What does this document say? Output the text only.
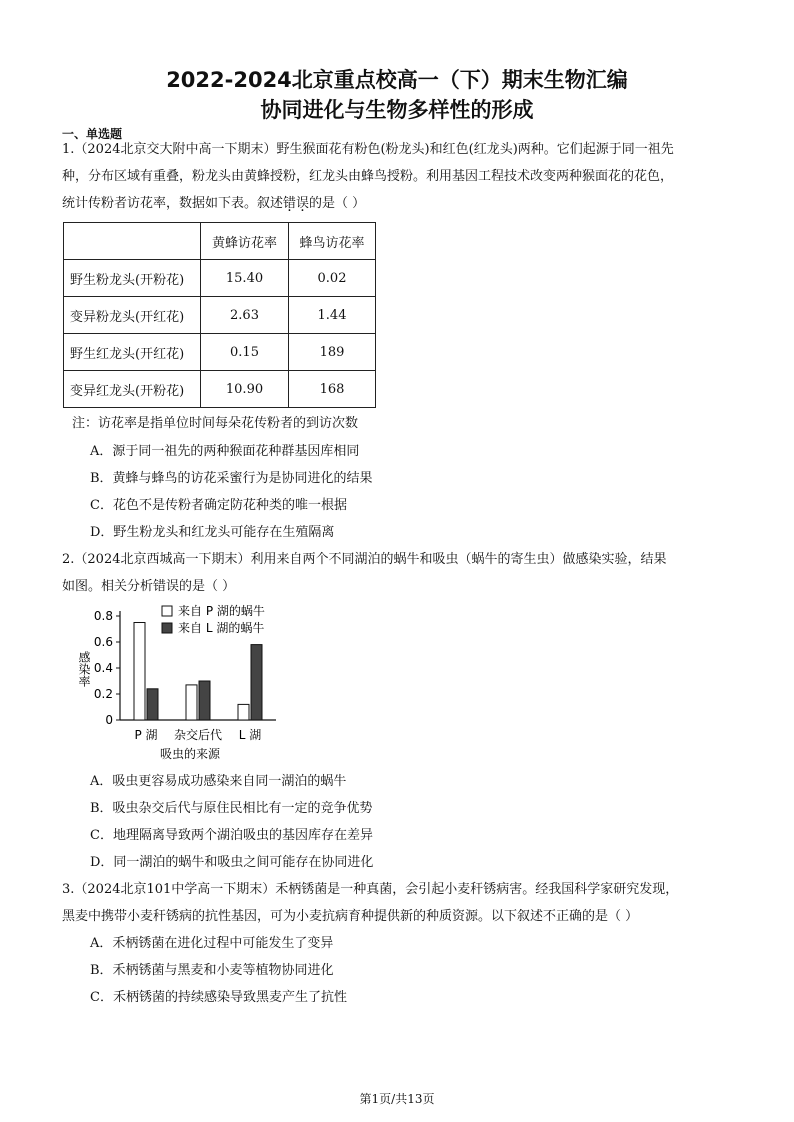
2022-2024北京重点校高一（下）期末生物汇编
协同进化与生物多样性的形成
一、单选题
1.（2024北京交大附中高一下期末）野生猴面花有粉色(粉龙头)和红色(红龙头)两种。它们起源于同一祖先
种，分布区域有重叠，粉龙头由黄蜂授粉，红龙头由蜂鸟授粉。利用基因工程技术改变两种猴面花的花色，
统计传粉者访花率，数据如下表。叙述错误的是（ ）
	黄蜂访花率	蜂鸟访花率
野生粉龙头(开粉花)	15.40	0.02
变异粉龙头(开红花)	2.63	1.44
野生红龙头(开红花)	0.15	189
变异红龙头(开粉花)	10.90	168
注：访花率是指单位时间每朵花传粉者的到访次数
A．源于同一祖先的两种猴面花种群基因库相同
B．黄蜂与蜂鸟的访花采蜜行为是协同进化的结果
C．花色不是传粉者确定防花种类的唯一根据
D．野生粉龙头和红龙头可能存在生殖隔离
2.（2024北京西城高一下期末）利用来自两个不同湖泊的蜗牛和吸虫（蜗牛的寄生虫）做感染实验，结果
如图。相关分析错误的是（ ）
感染率
0
0.2
0.4
0.6
0.8
P 湖 杂交后代 L 湖
吸虫的来源
来自 P 湖的蜗牛
来自 L 湖的蜗牛
A．吸虫更容易成功感染来自同一湖泊的蜗牛
B．吸虫杂交后代与原住民相比有一定的竞争优势
C．地理隔离导致两个湖泊吸虫的基因库存在差异
D．同一湖泊的蜗牛和吸虫之间可能存在协同进化
3.（2024北京101中学高一下期末）禾柄锈菌是一种真菌，会引起小麦秆锈病害。经我国科学家研究发现，
黑麦中携带小麦秆锈病的抗性基因，可为小麦抗病育种提供新的种质资源。以下叙述不正确的是（ ）
A．禾柄锈菌在进化过程中可能发生了变异
B．禾柄锈菌与黑麦和小麦等植物协同进化
C．禾柄锈菌的持续感染导致黑麦产生了抗性
第1页/共13页
